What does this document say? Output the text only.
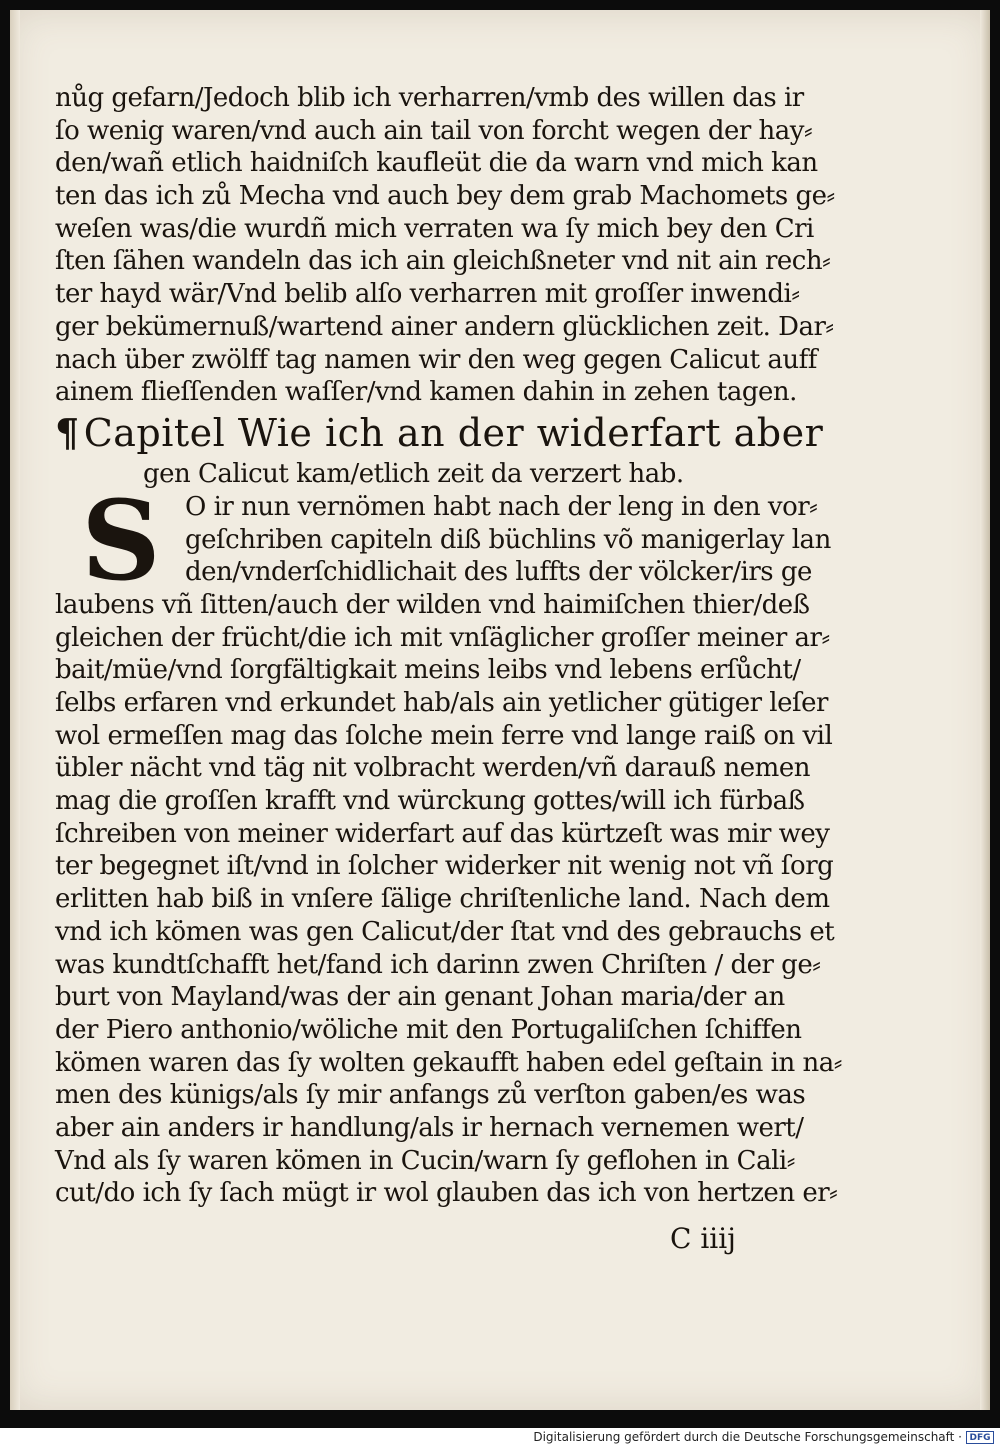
nůg gefarn/Jedoch blib ich verharren/vmb des willen das ir
ſo wenig waren/vnd auch ain tail von forcht wegen der hay⸗
den/wañ etlich haidniſch kaufleüt die da warn vnd mich kan
ten das ich zů Mecha vnd auch bey dem grab Machomets ge⸗
weſen was/die wurdñ mich verraten wa ſy mich bey den Cri
ſten ſähen wandeln das ich ain gleichßneter vnd nit ain rech⸗
ter hayd wär/Vnd belib alſo verharren mit groſſer inwendi⸗
ger bekümernuß/wartend ainer andern glücklichen zeit. Dar⸗
nach über zwölff tag namen wir den weg gegen Calicut auff
ainem flieſſenden waſſer/vnd kamen dahin in zehen tagen.
¶ Capitel Wie ich an der widerfart aber
gen Calicut kam/etlich zeit da verzert hab.
S O ir nun vernömen habt nach der leng in den vor⸗
geſchriben capiteln diß büchlins võ manigerlay lan
den/vnderſchidlichait des luffts der völcker/irs ge
laubens vñ ſitten/auch der wilden vnd haimiſchen thier/deß
gleichen der frücht/die ich mit vnſäglicher groſſer meiner ar⸗
bait/müe/vnd ſorgfältigkait meins leibs vnd lebens erſůcht/
ſelbs erfaren vnd erkundet hab/als ain yetlicher gütiger leſer
wol ermeſſen mag das ſolche mein ferre vnd lange raiß on vil
übler nächt vnd täg nit volbracht werden/vñ darauß nemen
mag die groſſen krafft vnd würckung gottes/will ich fürbaß
ſchreiben von meiner widerfart auf das kürtzeſt was mir wey
ter begegnet iſt/vnd in ſolcher widerker nit wenig not vñ ſorg
erlitten hab biß in vnſere ſälige chriſtenliche land. Nach dem
vnd ich kömen was gen Calicut/der ſtat vnd des gebrauchs et
was kundtſchafft het/fand ich darinn zwen Chriſten / der ge⸗
burt von Mayland/was der ain genant Johan maria/der an
der Piero anthonio/wöliche mit den Portugaliſchen ſchiffen
kömen waren das ſy wolten gekaufft haben edel geſtain in na⸗
men des künigs/als ſy mir anfangs zů verſton gaben/es was
aber ain anders ir handlung/als ir hernach vernemen wert/
Vnd als ſy waren kömen in Cucin/warn ſy geflohen in Cali⸗
cut/do ich ſy ſach mügt ir wol glauben das ich von hertzen er⸗
C iiij
Digitalisierung gefördert durch die Deutsche Forschungsgemeinschaft · DFG
